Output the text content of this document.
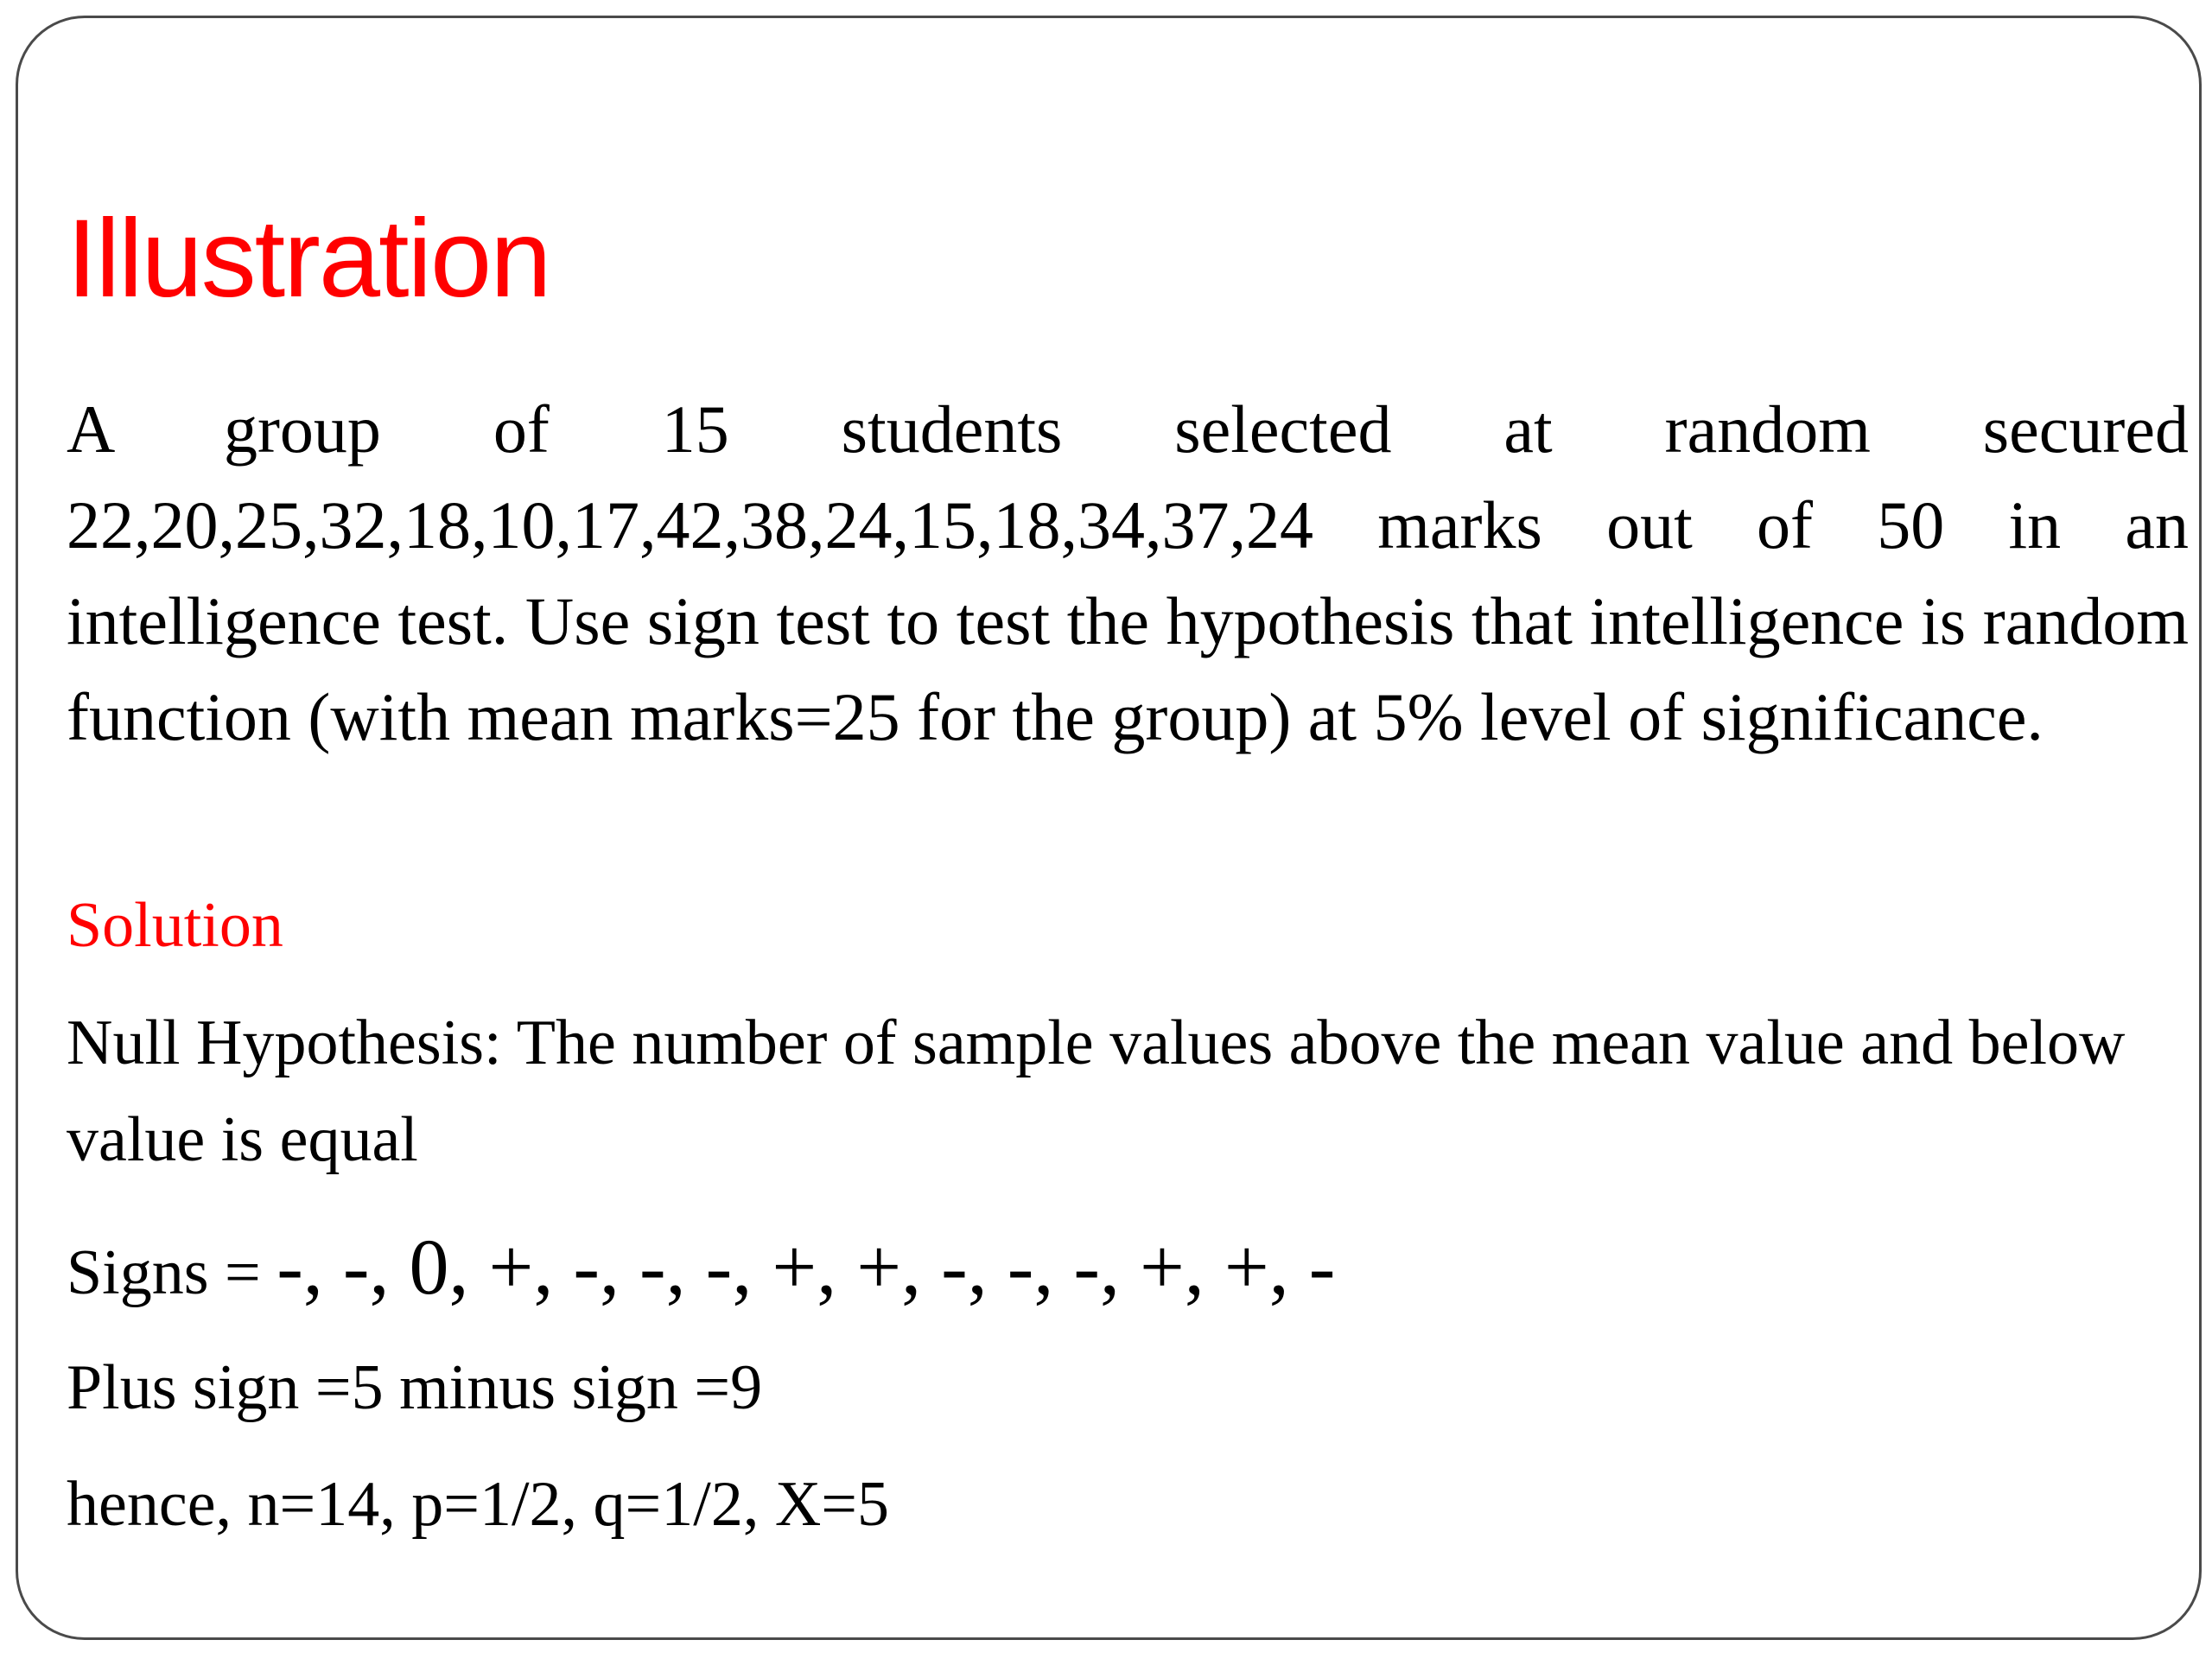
Illustration

A group of 15 students selected at random secured 22,20,25,32,18,10,17,42,38,24,15,18,34,37,24 marks out of 50 in an intelligence test. Use sign test to test the hypothesis that intelligence is random function (with mean marks=25 for the group) at 5% level of significance.

Solution

Null Hypothesis: The number of sample values above the mean value and below value is equal

Signs = -, -, 0, +, -, -, -, +, +, -, -, -, +, +, -

Plus sign =5 minus sign =9

hence, n=14, p=1/2, q=1/2, X=5
